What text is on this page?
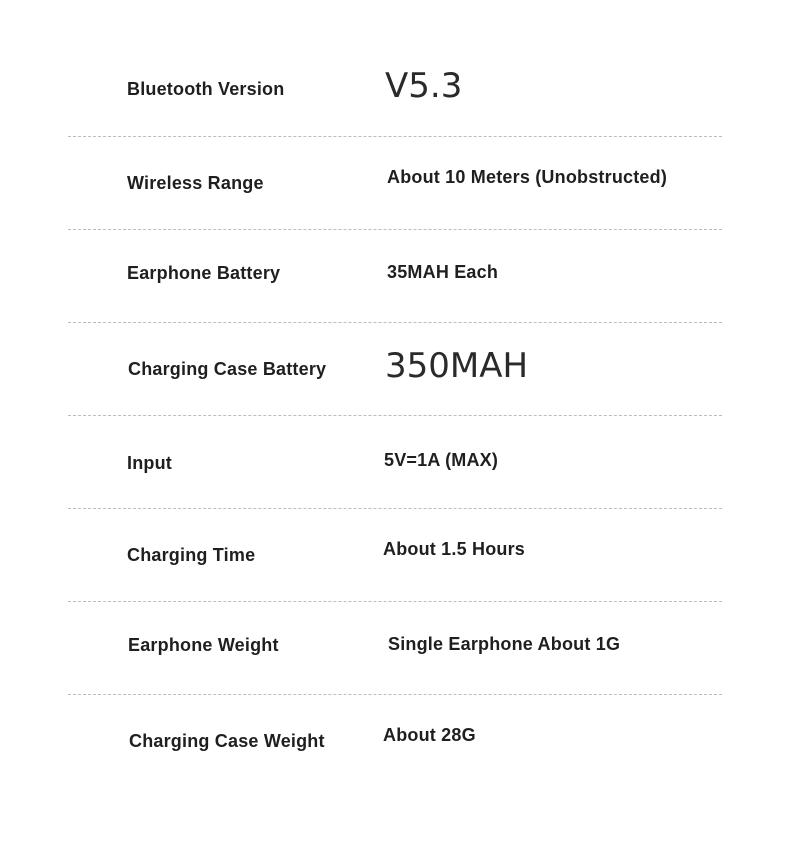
Bluetooth Version	V5.3
Wireless Range	About 10 Meters (Unobstructed)
Earphone Battery	35MAH Each
Charging Case Battery 350MAH
Input	5V=1A (MAX)
Charging Time	About 1.5 Hours
Earphone Weight	Single Earphone About 1G
Charging Case Weight	About 28G
